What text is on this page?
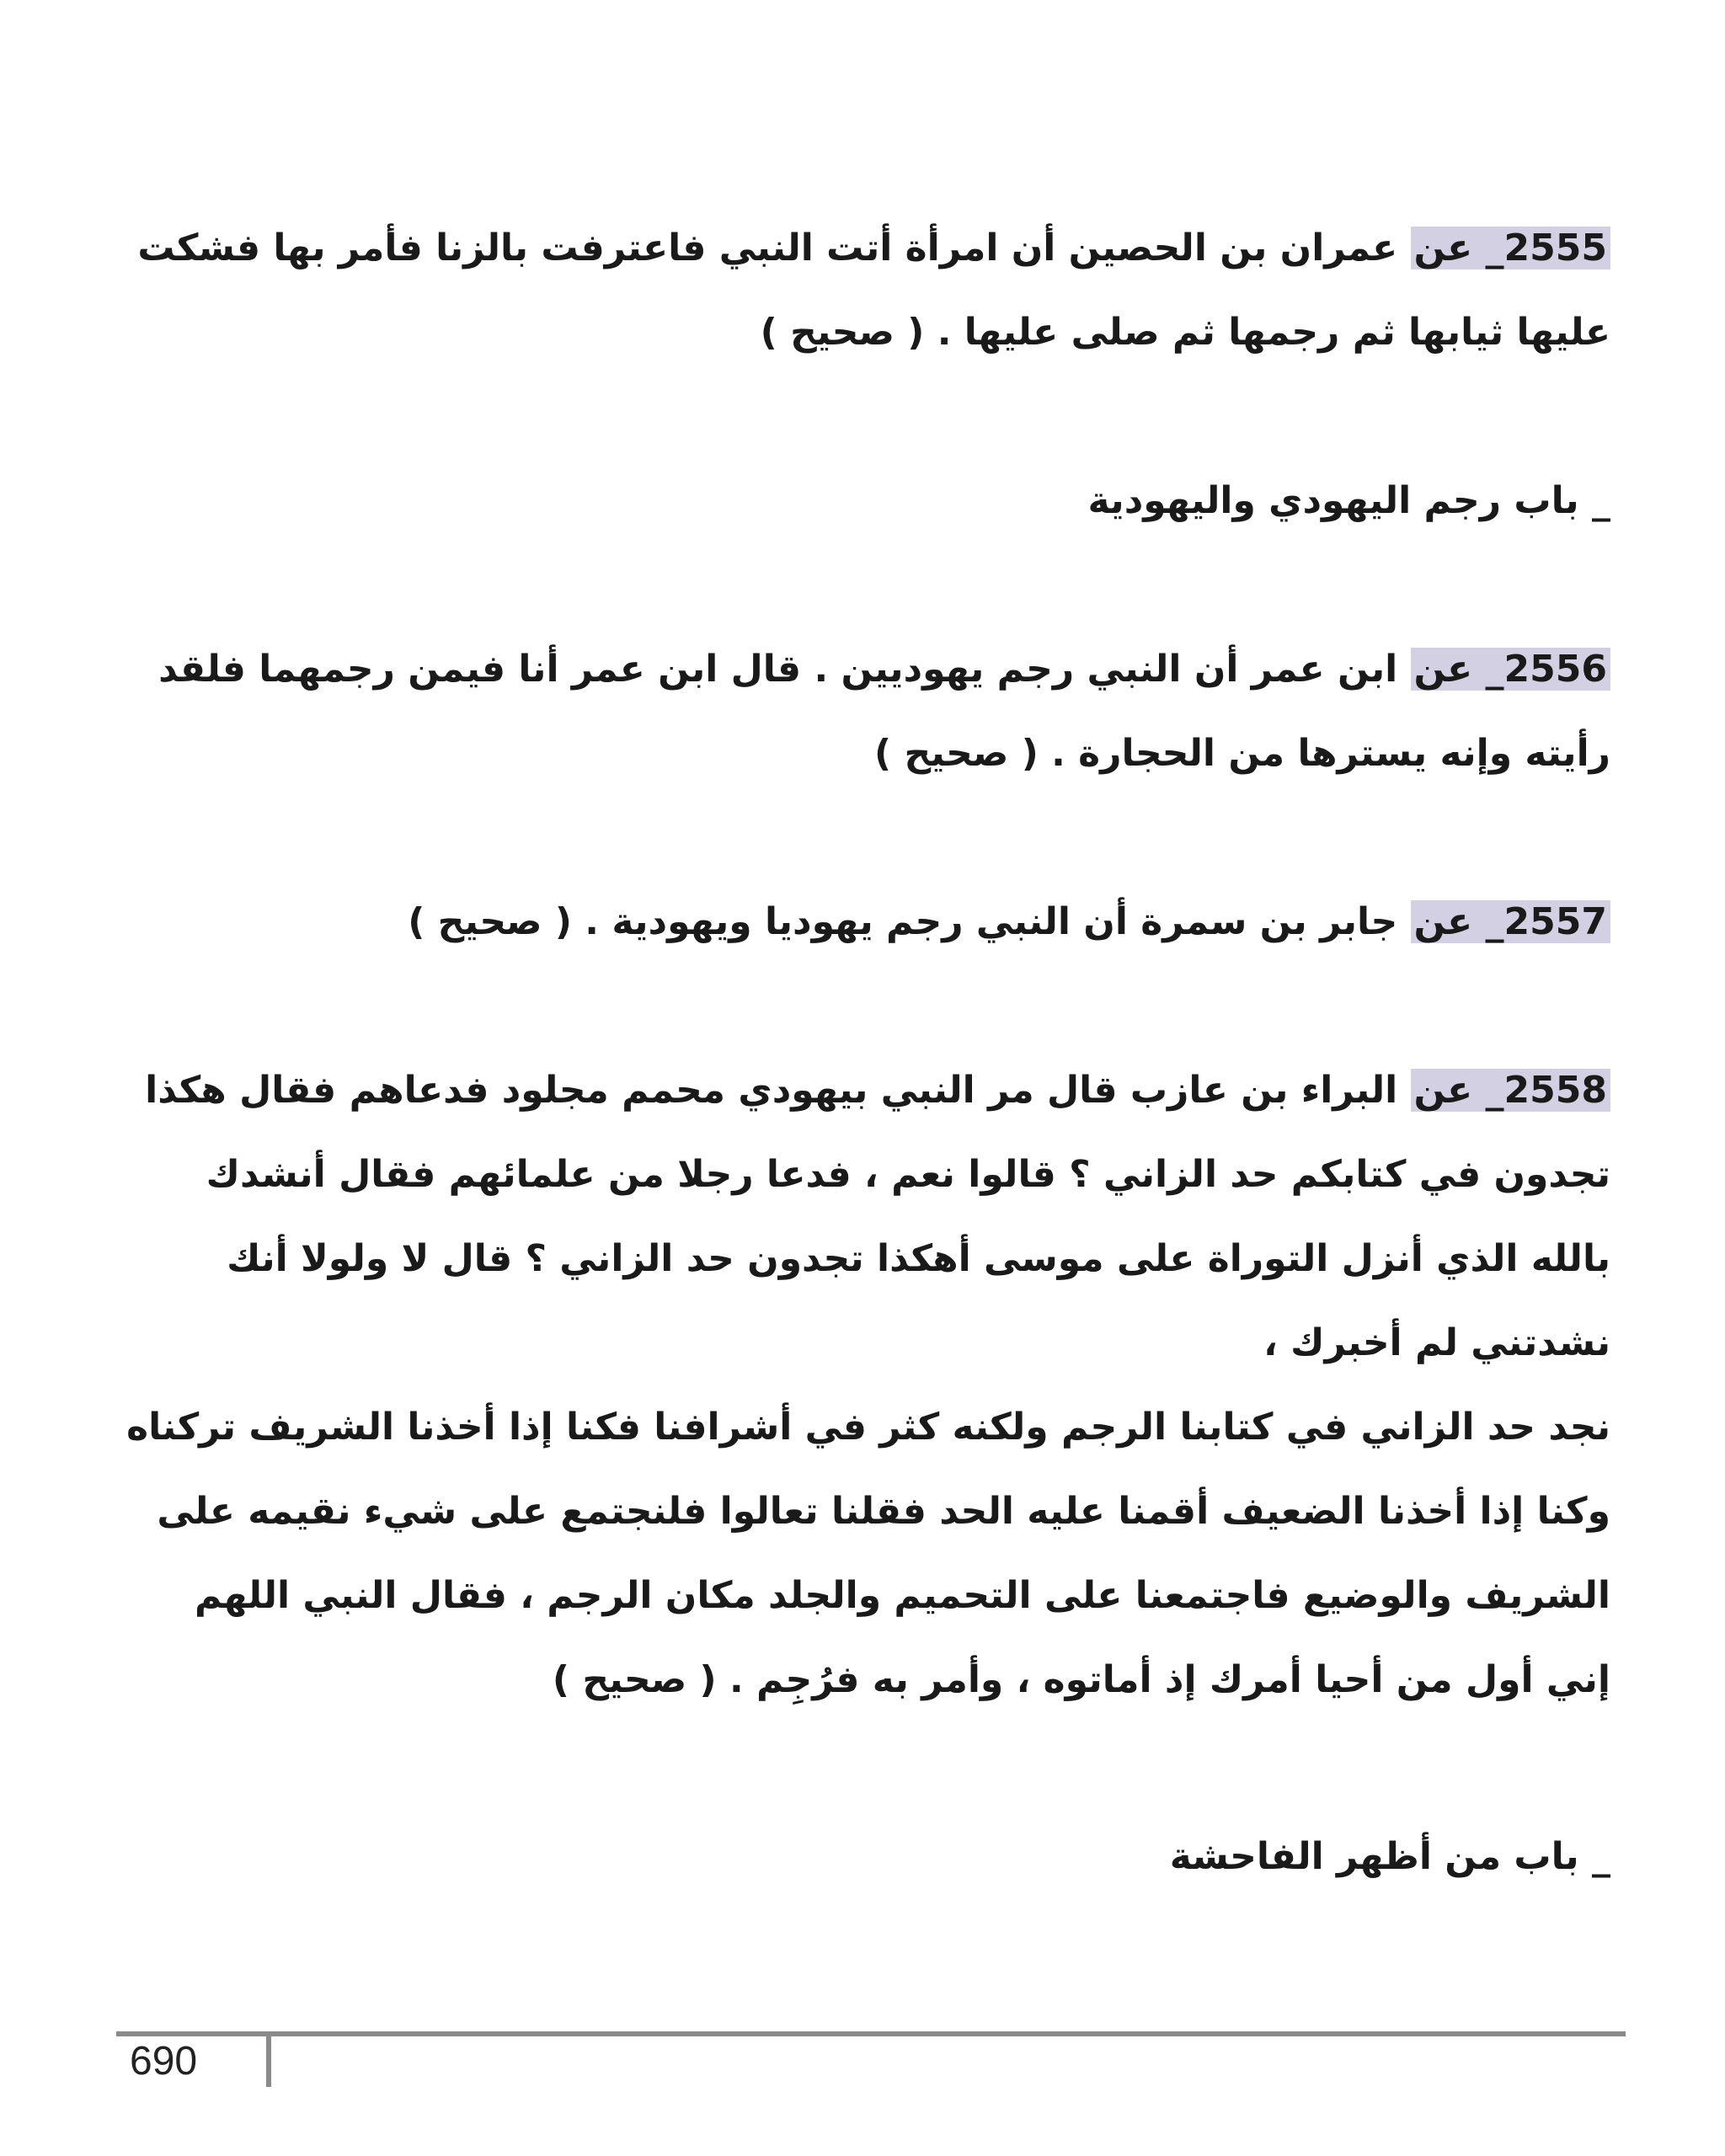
2555_ عن عمران بن الحصين أن امرأة أتت النبي فاعترفت بالزنا فأمر بها فشكت عليها ثيابها ثم رجمها ثم صلى عليها . ( صحيح )

_ باب رجم اليهودي واليهودية

2556_ عن ابن عمر أن النبي رجم يهوديين . قال ابن عمر أنا فيمن رجمهما فلقد رأيته وإنه يسترها من الحجارة . ( صحيح )

2557_ عن جابر بن سمرة أن النبي رجم يهوديا ويهودية . ( صحيح )

2558_ عن البراء بن عازب قال مر النبي بيهودي محمم مجلود فدعاهم فقال هكذا تجدون في كتابكم حد الزاني ؟ قالوا نعم ، فدعا رجلا من علمائهم فقال أنشدك بالله الذي أنزل التوراة على موسى أهكذا تجدون حد الزاني ؟ قال لا ولولا أنك نشدتني لم أخبرك ،

نجد حد الزاني في كتابنا الرجم ولكنه كثر في أشرافنا فكنا إذا أخذنا الشريف تركناه وكنا إذا أخذنا الضعيف أقمنا عليه الحد فقلنا تعالوا فلنجتمع على شيء نقيمه على الشريف والوضيع فاجتمعنا على التحميم والجلد مكان الرجم ، فقال النبي اللهم إني أول من أحيا أمرك إذ أماتوه ، وأمر به فرُجِم . ( صحيح )

_ باب من أظهر الفاحشة

690
